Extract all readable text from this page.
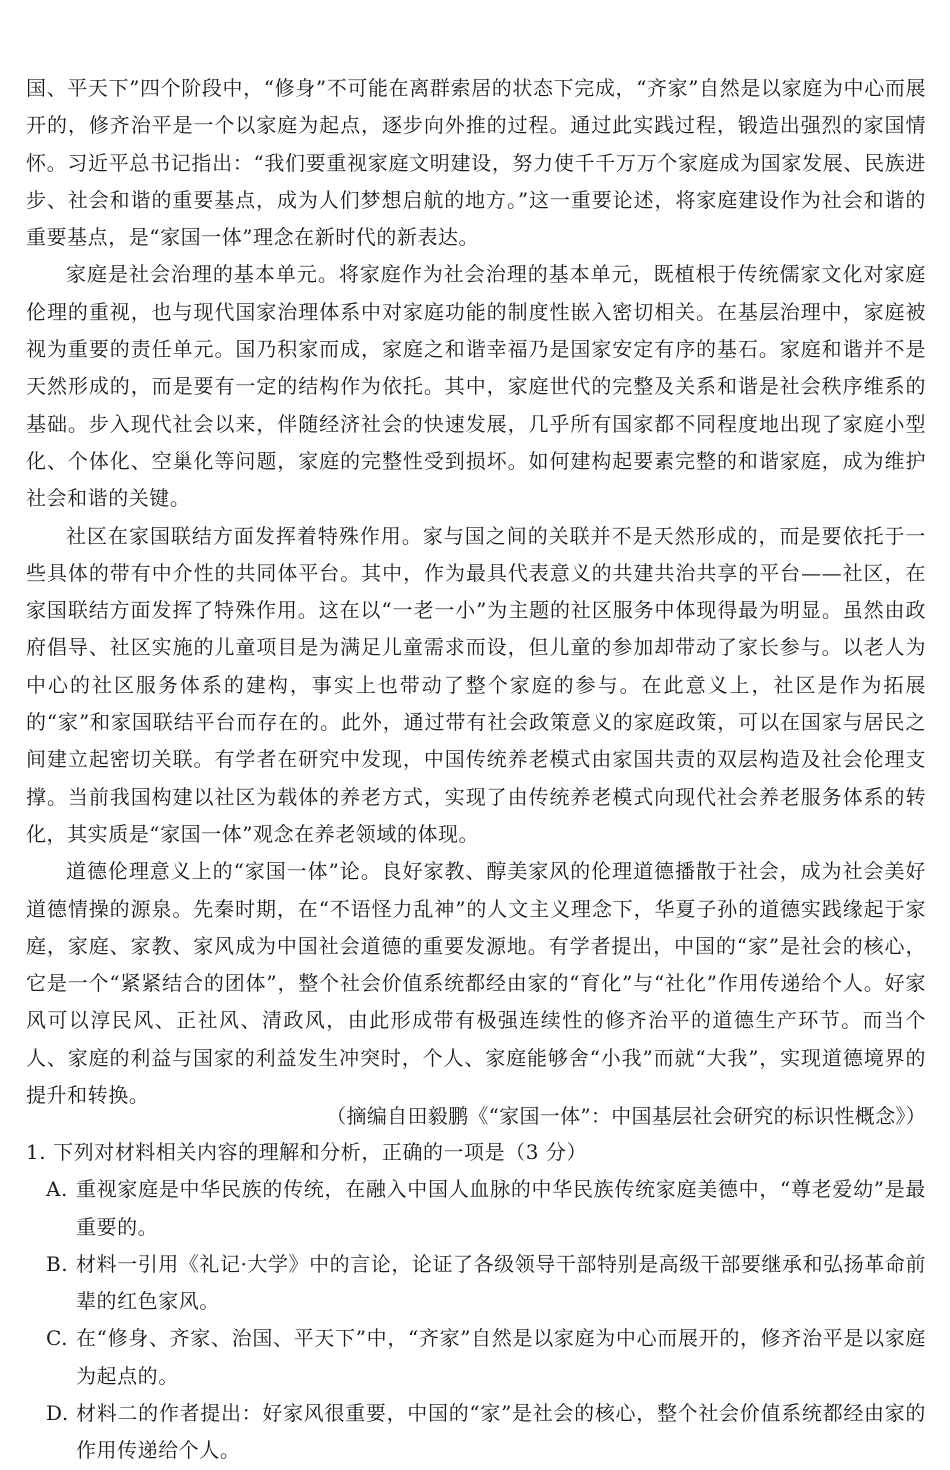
国、平天下”四个阶段中，“修身”不可能在离群索居的状态下完成，“齐家”自然是以家庭为中心而展开的，修齐治平是一个以家庭为起点，逐步向外推的过程。通过此实践过程，锻造出强烈的家国情怀。习近平总书记指出：“我们要重视家庭文明建设，努力使千千万万个家庭成为国家发展、民族进步、社会和谐的重要基点，成为人们梦想启航的地方。”这一重要论述，将家庭建设作为社会和谐的重要基点，是“家国一体”理念在新时代的新表达。

家庭是社会治理的基本单元。将家庭作为社会治理的基本单元，既植根于传统儒家文化对家庭伦理的重视，也与现代国家治理体系中对家庭功能的制度性嵌入密切相关。在基层治理中，家庭被视为重要的责任单元。国乃积家而成，家庭之和谐幸福乃是国家安定有序的基石。家庭和谐并不是天然形成的，而是要有一定的结构作为依托。其中，家庭世代的完整及关系和谐是社会秩序维系的基础。步入现代社会以来，伴随经济社会的快速发展，几乎所有国家都不同程度地出现了家庭小型化、个体化、空巢化等问题，家庭的完整性受到损坏。如何建构起要素完整的和谐家庭，成为维护社会和谐的关键。

社区在家国联结方面发挥着特殊作用。家与国之间的关联并不是天然形成的，而是要依托于一些具体的带有中介性的共同体平台。其中，作为最具代表意义的共建共治共享的平台——社区，在家国联结方面发挥了特殊作用。这在以“一老一小”为主题的社区服务中体现得最为明显。虽然由政府倡导、社区实施的儿童项目是为满足儿童需求而设，但儿童的参加却带动了家长参与。以老人为中心的社区服务体系的建构，事实上也带动了整个家庭的参与。在此意义上，社区是作为拓展的“家”和家国联结平台而存在的。此外，通过带有社会政策意义的家庭政策，可以在国家与居民之间建立起密切关联。有学者在研究中发现，中国传统养老模式由家国共责的双层构造及社会伦理支撑。当前我国构建以社区为载体的养老方式，实现了由传统养老模式向现代社会养老服务体系的转化，其实质是“家国一体”观念在养老领域的体现。

道德伦理意义上的“家国一体”论。良好家教、醇美家风的伦理道德播散于社会，成为社会美好道德情操的源泉。先秦时期，在“不语怪力乱神”的人文主义理念下，华夏子孙的道德实践缘起于家庭，家庭、家教、家风成为中国社会道德的重要发源地。有学者提出，中国的“家”是社会的核心，它是一个“紧紧结合的团体”，整个社会价值系统都经由家的“育化”与“社化”作用传递给个人。好家风可以淳民风、正社风、清政风，由此形成带有极强连续性的修齐治平的道德生产环节。而当个人、家庭的利益与国家的利益发生冲突时，个人、家庭能够舍“小我”而就“大我”，实现道德境界的提升和转换。

（摘编自田毅鹏《“家国一体”：中国基层社会研究的标识性概念》）

1. 下列对材料相关内容的理解和分析，正确的一项是（3 分）

A. 重视家庭是中华民族的传统，在融入中国人血脉的中华民族传统家庭美德中，“尊老爱幼”是最重要的。
B. 材料一引用《礼记·大学》中的言论，论证了各级领导干部特别是高级干部要继承和弘扬革命前辈的红色家风。
C. 在“修身、齐家、治国、平天下”中，“齐家”自然是以家庭为中心而展开的，修齐治平是以家庭为起点的。
D. 材料二的作者提出：好家风很重要，中国的“家”是社会的核心，整个社会价值系统都经由家的作用传递给个人。
